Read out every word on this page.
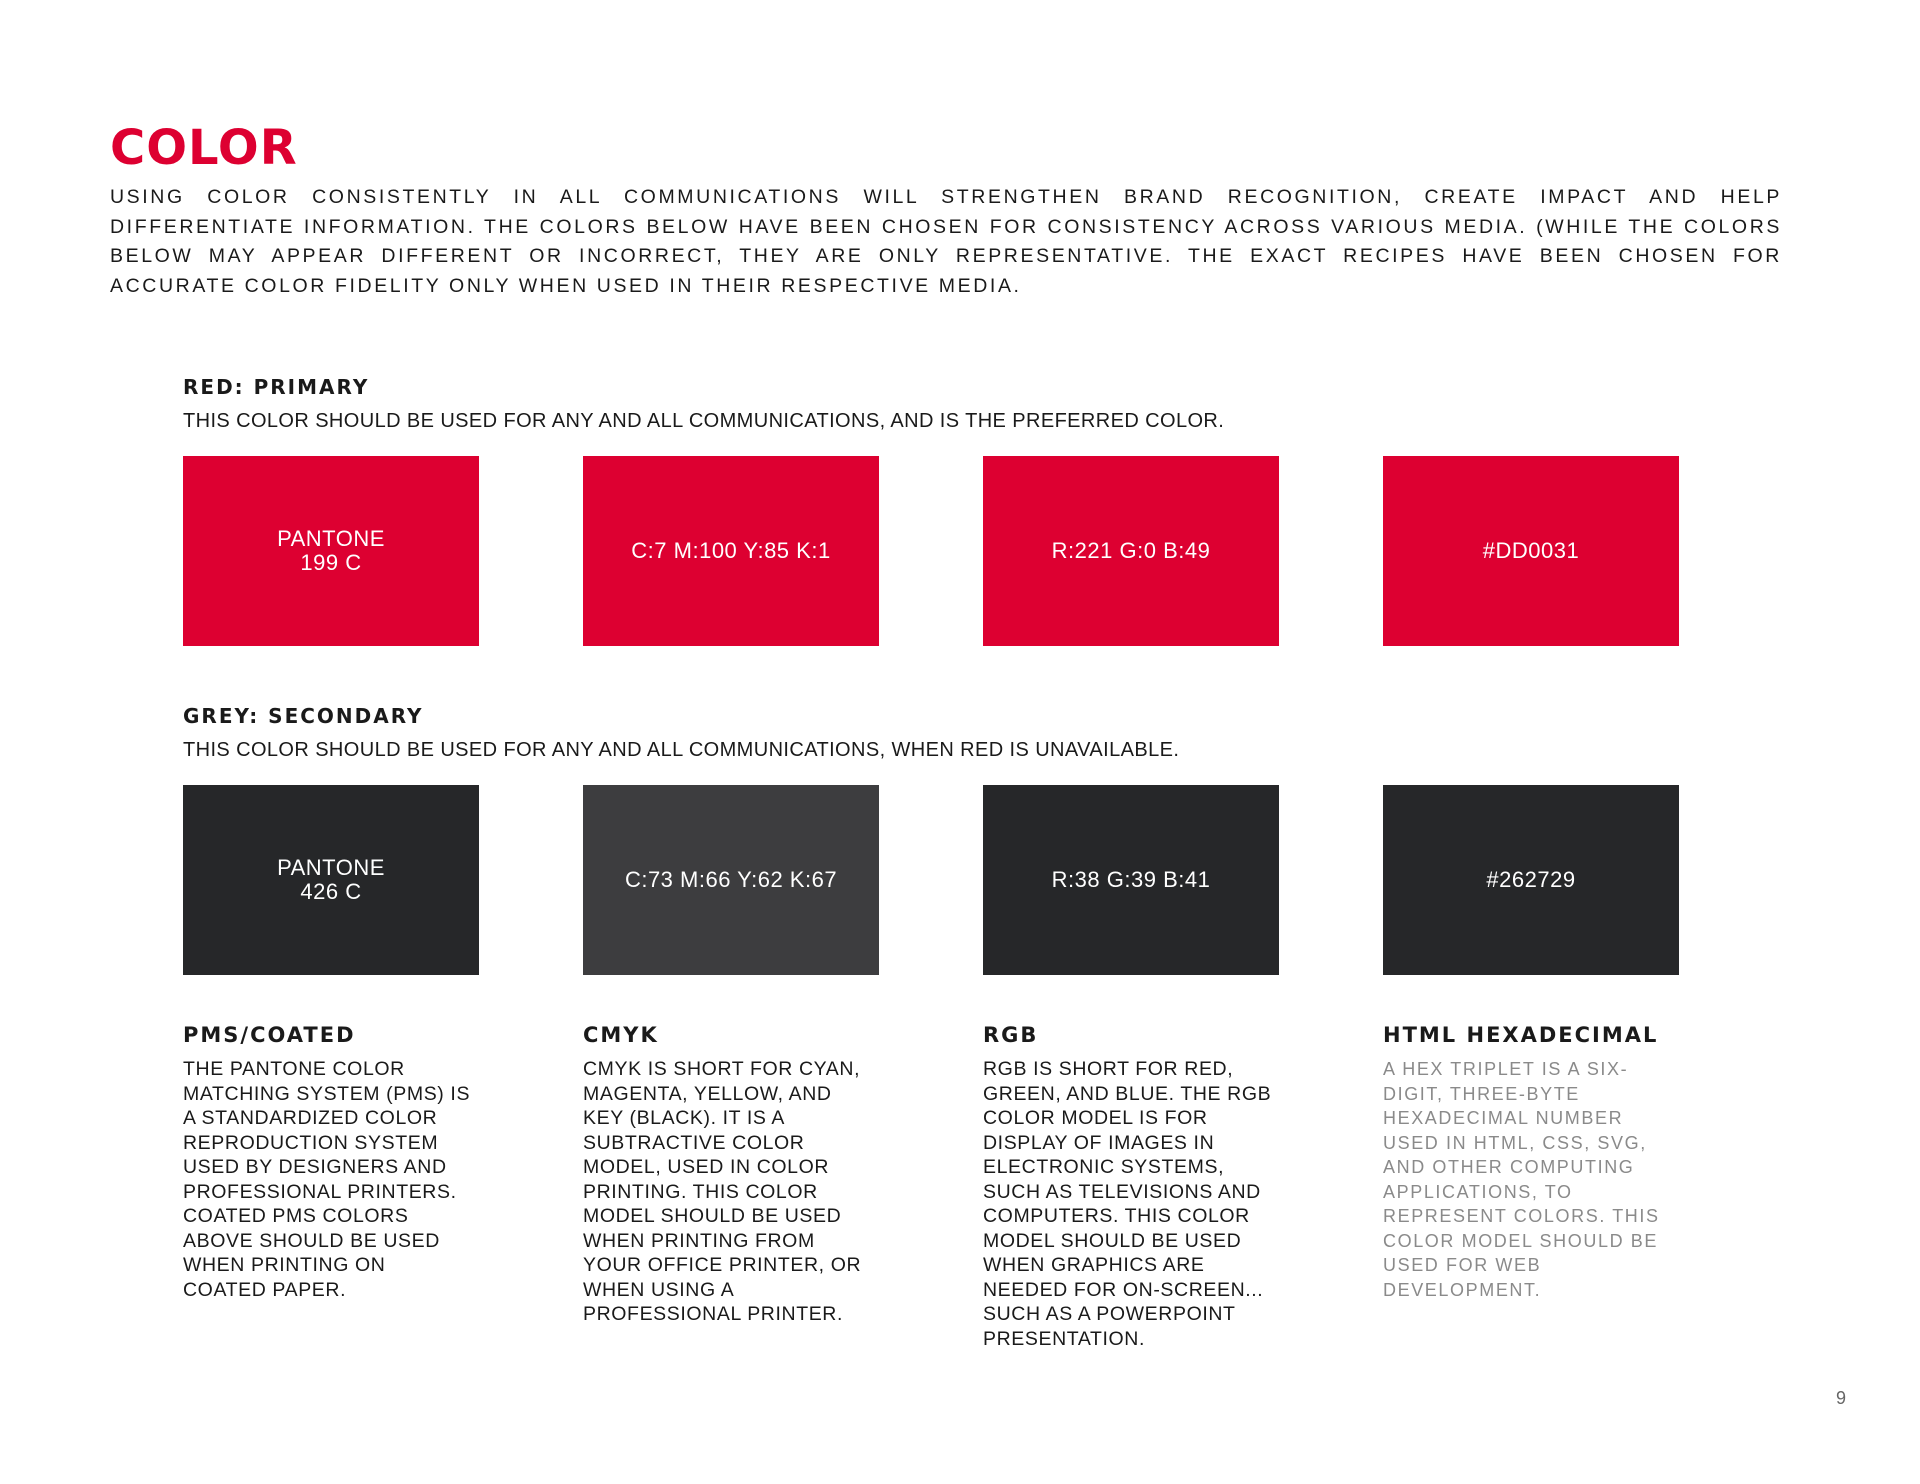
COLOR

USING COLOR CONSISTENTLY IN ALL COMMUNICATIONS WILL STRENGTHEN BRAND RECOGNITION, CREATE IMPACT AND HELP DIFFERENTIATE INFORMATION. THE COLORS BELOW HAVE BEEN CHOSEN FOR CONSISTENCY ACROSS VARIOUS MEDIA. (WHILE THE COLORS BELOW MAY APPEAR DIFFERENT OR INCORRECT, THEY ARE ONLY REPRESENTATIVE. THE EXACT RECIPES HAVE BEEN CHOSEN FOR ACCURATE COLOR FIDELITY ONLY WHEN USED IN THEIR RESPECTIVE MEDIA.

RED: PRIMARY

THIS COLOR SHOULD BE USED FOR ANY AND ALL COMMUNICATIONS, AND IS THE PREFERRED COLOR.

PANTONE
199 C	C:7 M:100 Y:85 K:1	R:221 G:0 B:49	#DD0031
GREY: SECONDARY

THIS COLOR SHOULD BE USED FOR ANY AND ALL COMMUNICATIONS, WHEN RED IS UNAVAILABLE.

PANTONE
426 C	C:73 M:66 Y:62 K:67	R:38 G:39 B:41	#262729
PMS/COATED

THE PANTONE COLOR MATCHING SYSTEM (PMS) IS A STANDARDIZED COLOR REPRODUCTION SYSTEM USED BY DESIGNERS AND PROFESSIONAL PRINTERS. COATED PMS COLORS ABOVE SHOULD BE USED WHEN PRINTING ON COATED PAPER.

CMYK

CMYK IS SHORT FOR CYAN, MAGENTA, YELLOW, AND KEY (BLACK). IT IS A SUBTRACTIVE COLOR MODEL, USED IN COLOR PRINTING. THIS COLOR MODEL SHOULD BE USED WHEN PRINTING FROM YOUR OFFICE PRINTER, OR WHEN USING A PROFESSIONAL PRINTER.

RGB

RGB IS SHORT FOR RED, GREEN, AND BLUE. THE RGB COLOR MODEL IS FOR DISPLAY OF IMAGES IN ELECTRONIC SYSTEMS, SUCH AS TELEVISIONS AND COMPUTERS. THIS COLOR MODEL SHOULD BE USED WHEN GRAPHICS ARE NEEDED FOR ON-SCREEN... SUCH AS A POWERPOINT PRESENTATION.

HTML HEXADECIMAL

A HEX TRIPLET IS A SIX-DIGIT, THREE-BYTE HEXADECIMAL NUMBER USED IN HTML, CSS, SVG, AND OTHER COMPUTING APPLICATIONS, TO REPRESENT COLORS. THIS COLOR MODEL SHOULD BE USED FOR WEB DEVELOPMENT.

9
